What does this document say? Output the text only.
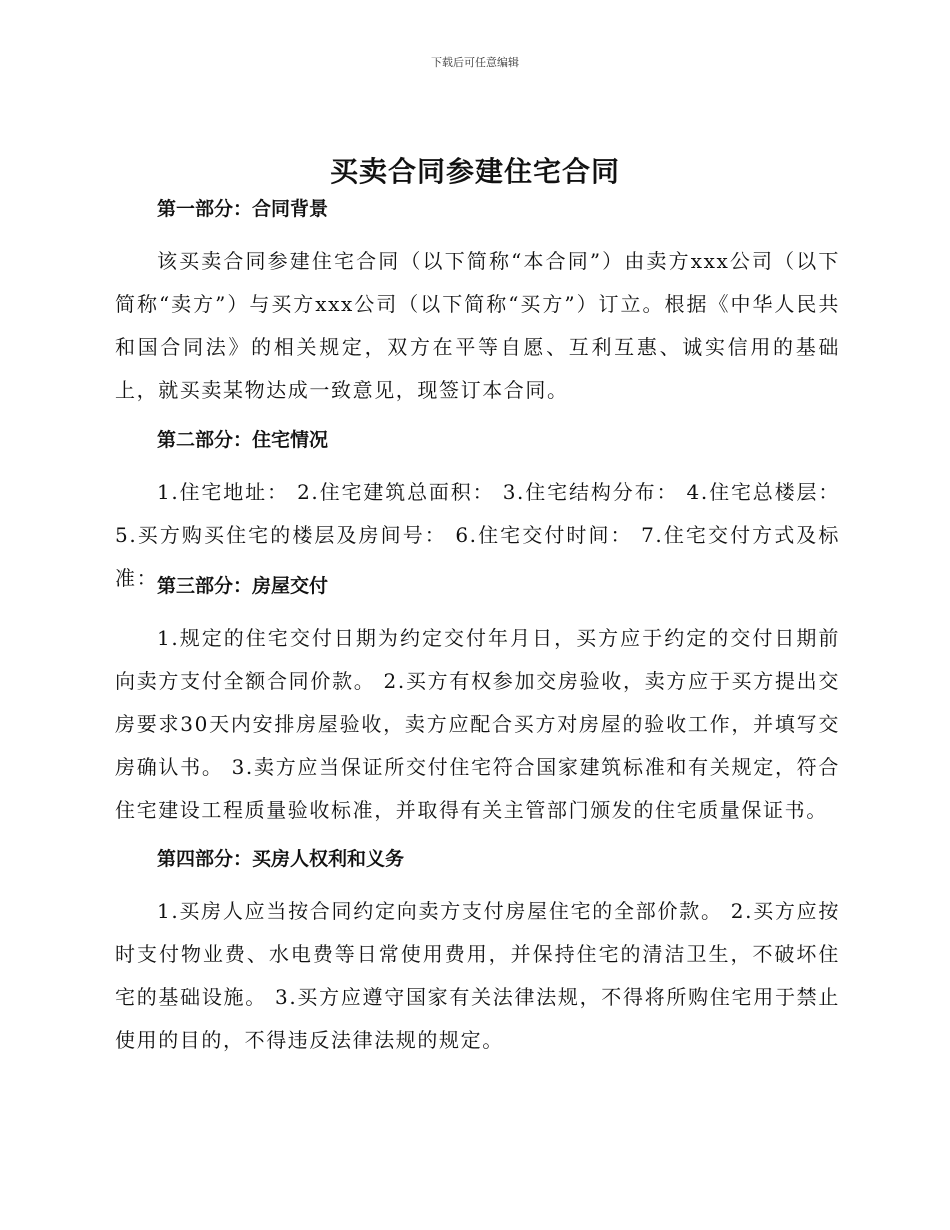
下载后可任意编辑
买卖合同参建住宅合同
第一部分：合同背景

该买卖合同参建住宅合同（以下简称“本合同”）由卖方xxx公司（以下简称“卖方”）与买方xxx公司（以下简称“买方”）订立。根据《中华人民共和国合同法》的相关规定，双方在平等自愿、互利互惠、诚实信用的基础上，就买卖某物达成一致意见，现签订本合同。

第二部分：住宅情况

1.住宅地址： 2.住宅建筑总面积： 3.住宅结构分布： 4.住宅总楼层： 5.买方购买住宅的楼层及房间号： 6.住宅交付时间： 7.住宅交付方式及标准：

第三部分：房屋交付

1.规定的住宅交付日期为约定交付年月日，买方应于约定的交付日期前向卖方支付全额合同价款。 2.买方有权参加交房验收，卖方应于买方提出交房要求30天内安排房屋验收，卖方应配合买方对房屋的验收工作，并填写交房确认书。 3.卖方应当保证所交付住宅符合国家建筑标准和有关规定，符合住宅建设工程质量验收标准，并取得有关主管部门颁发的住宅质量保证书。

第四部分：买房人权利和义务

1.买房人应当按合同约定向卖方支付房屋住宅的全部价款。 2.买方应按时支付物业费、水电费等日常使用费用，并保持住宅的清洁卫生，不破坏住宅的基础设施。 3.买方应遵守国家有关法律法规，不得将所购住宅用于禁止使用的目的，不得违反法律法规的规定。
